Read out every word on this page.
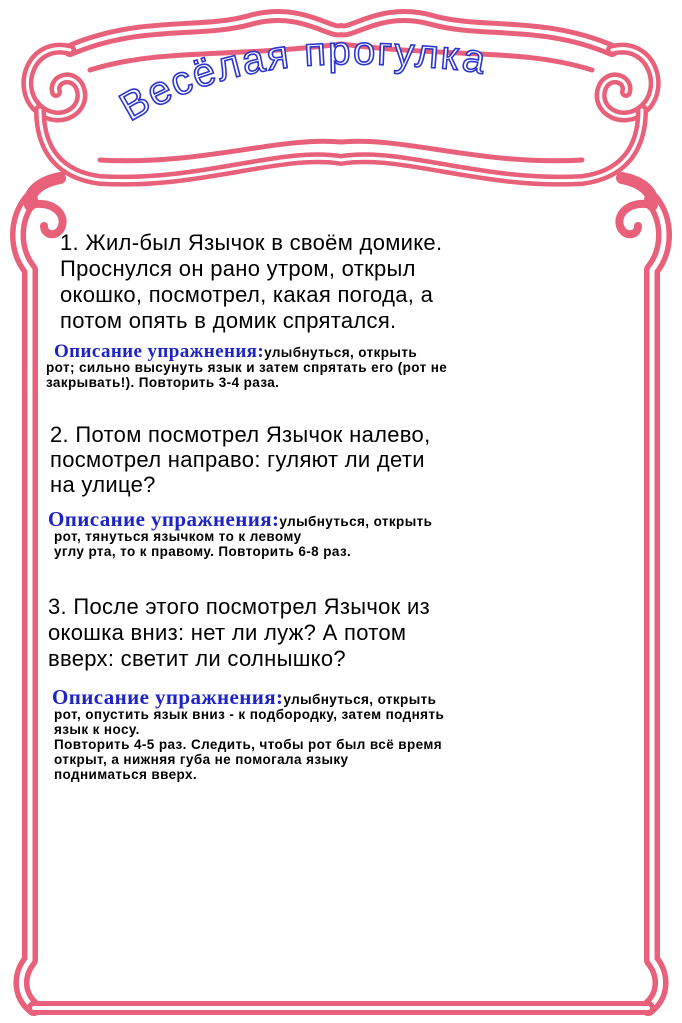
Весёлая прогулка
1. Жил-был Язычок в своём домике.
Проснулся он рано утром, открыл
окошко, посмотрел, какая погода, а
потом опять в домик спрятался.
Описание упражнения:улыбнуться, открыть
рот; сильно высунуть язык и затем спрятать его (рот не
закрывать!). Повторить 3-4 раза.
2. Потом посмотрел Язычок налево,
посмотрел направо: гуляют ли дети
на улице?
Описание упражнения:улыбнуться, открыть
рот, тянуться язычком то к левому
углу рта, то к правому. Повторить 6-8 раз.
3. После этого посмотрел Язычок из
окошка вниз: нет ли луж? А потом
вверх: светит ли солнышко?
Описание упражнения:улыбнуться, открыть
рот, опустить язык вниз - к подбородку, затем поднять
язык к носу.
Повторить 4-5 раз. Следить, чтобы рот был всё время
открыт, а нижняя губа не помогала языку
подниматься вверх.
